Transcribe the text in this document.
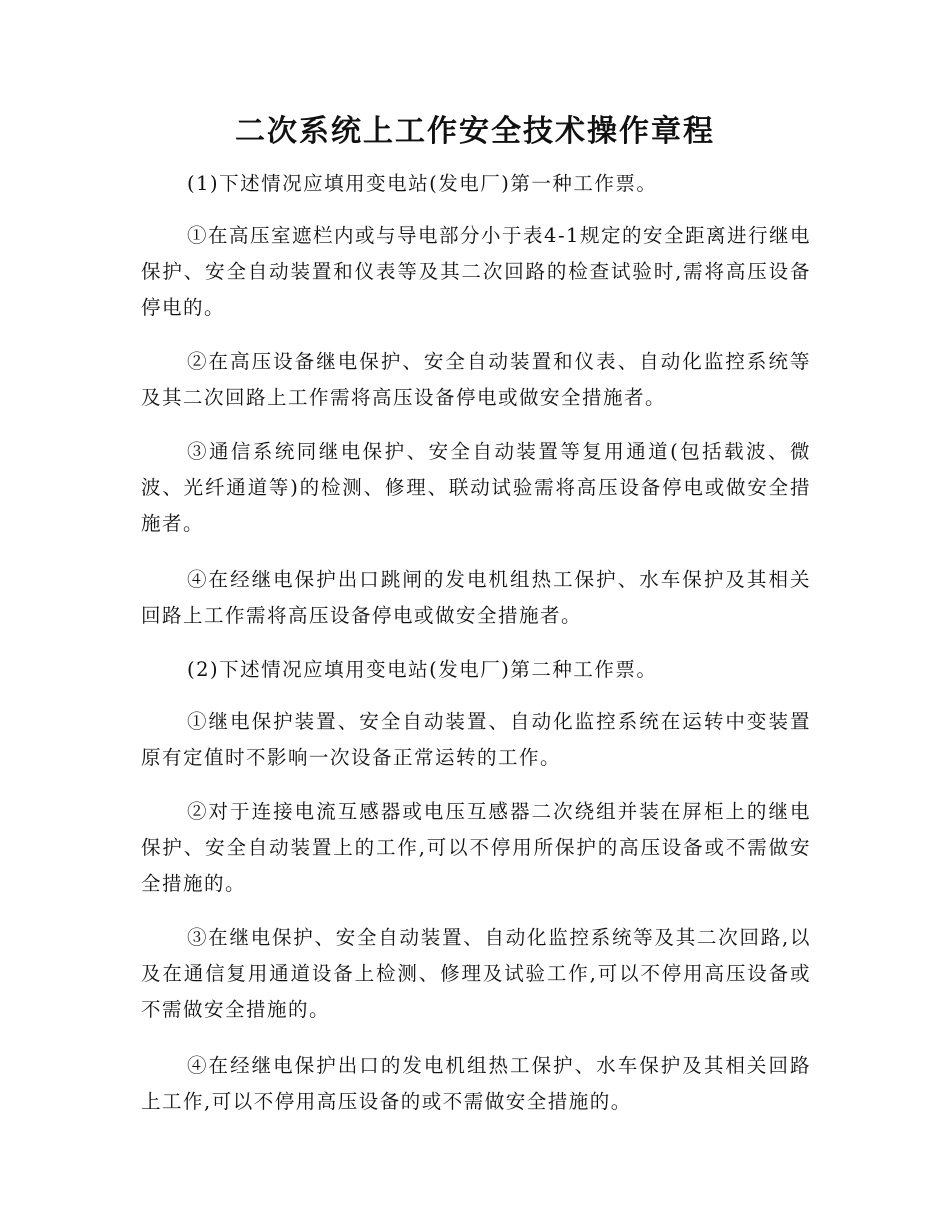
二次系统上工作安全技术操作章程
(1)下述情况应填用变电站(发电厂)第一种工作票。
①在高压室遮栏内或与导电部分小于表4-1规定的安全距离进行继电保护、安全自动装置和仪表等及其二次回路的检查试验时,需将高压设备停电的。
②在高压设备继电保护、安全自动装置和仪表、自动化监控系统等及其二次回路上工作需将高压设备停电或做安全措施者。
③通信系统同继电保护、安全自动装置等复用通道(包括载波、微波、光纤通道等)的检测、修理、联动试验需将高压设备停电或做安全措施者。
④在经继电保护出口跳闸的发电机组热工保护、水车保护及其相关回路上工作需将高压设备停电或做安全措施者。
(2)下述情况应填用变电站(发电厂)第二种工作票。
①继电保护装置、安全自动装置、自动化监控系统在运转中变装置原有定值时不影响一次设备正常运转的工作。
②对于连接电流互感器或电压互感器二次绕组并装在屏柜上的继电保护、安全自动装置上的工作,可以不停用所保护的高压设备或不需做安全措施的。
③在继电保护、安全自动装置、自动化监控系统等及其二次回路,以及在通信复用通道设备上检测、修理及试验工作,可以不停用高压设备或不需做安全措施的。
④在经继电保护出口的发电机组热工保护、水车保护及其相关回路上工作,可以不停用高压设备的或不需做安全措施的。
